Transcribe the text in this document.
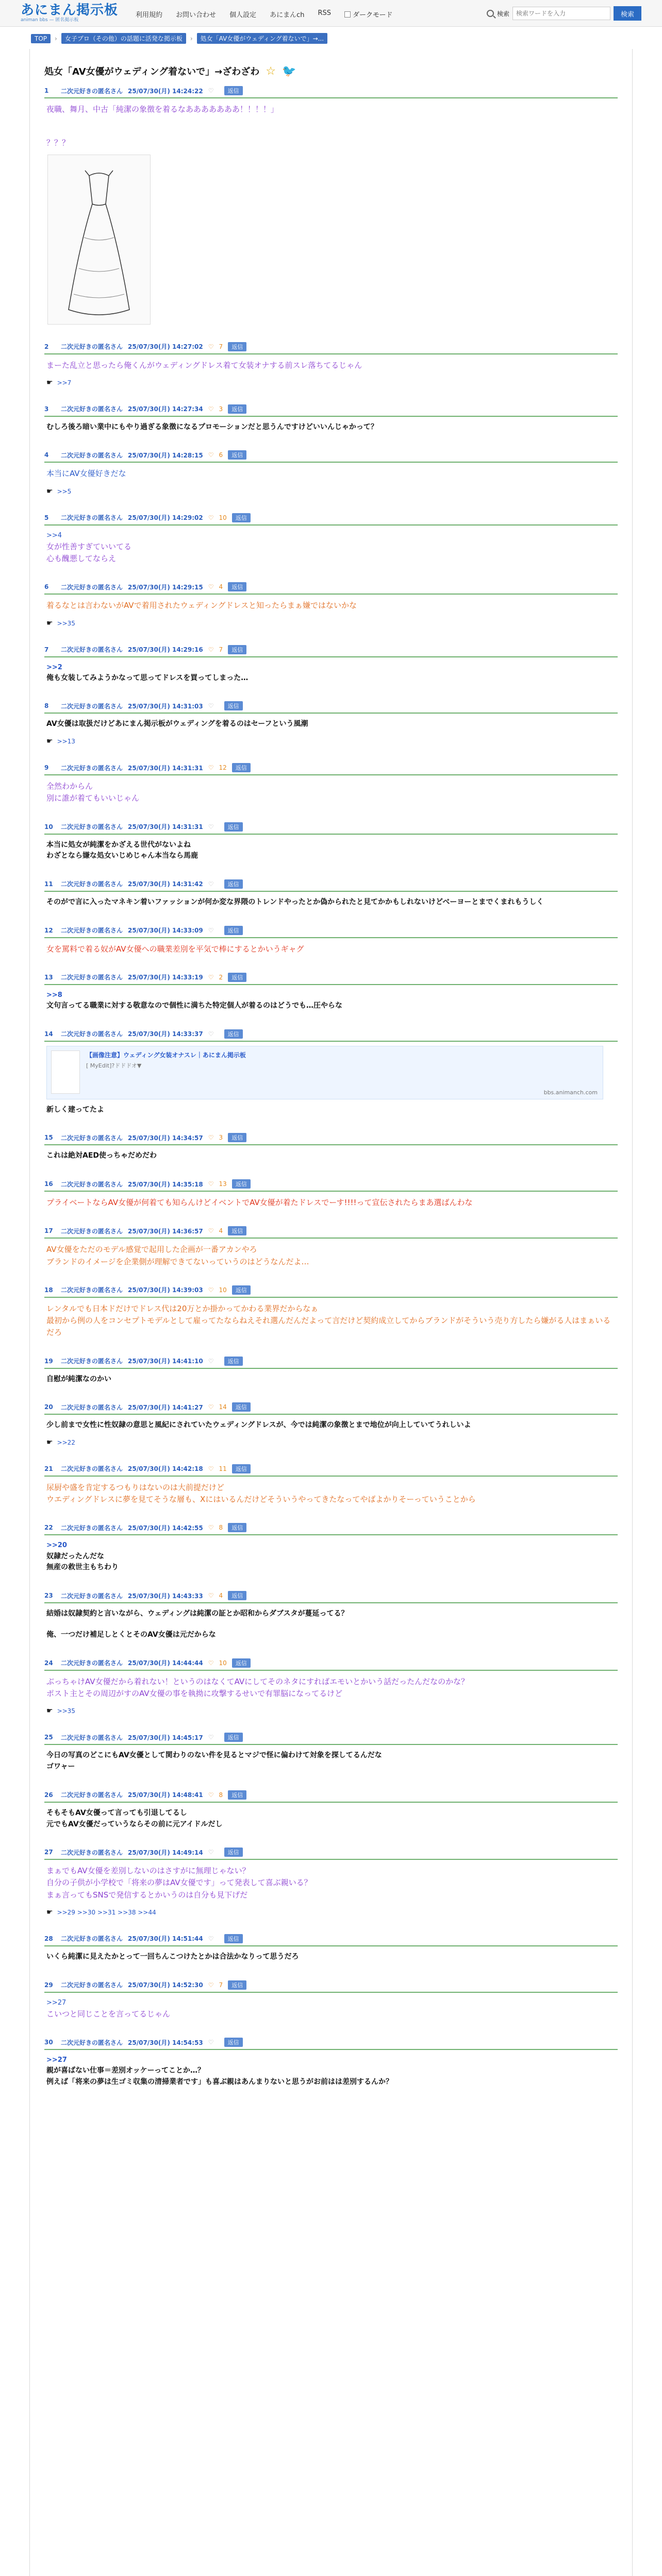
あにまん掲示板
animan bbs — 匿名掲示板
利用規約 お問い合わせ 個人設定 あにまんch RSS	ダークモード	検索
検索ワードを入力	検索
TOP	›	女子プロ（その他）の話題に活発な掲示板	›	処女「AV女優がウェディング着ないで」→...
処女「AV女優がウェディング着ないで」→ざわざわ ☆ 🐦
1	二次元好きの匿名さん 25/07/30(月) 14:24:22 ♡	返信
夜職、舞月、中古「純潔の象徴を着るなあああああああ！！！！」
？？？
2	二次元好きの匿名さん 25/07/30(月) 14:27:02 ♡ 7	返信
まーた乱立と思ったら俺くんがウェディングドレス着て女装オナする前スレ落ちてるじゃん
☛ >>7
3	二次元好きの匿名さん 25/07/30(月) 14:27:34 ♡ 3	返信
むしろ後ろ暗い業中にもやり過ぎる象徴になるプロモーションだと思うんですけどいいんじゃかって？
4	二次元好きの匿名さん 25/07/30(月) 14:28:15 ♡ 6	返信
本当にAV女優好きだな
☛ >>5
5	二次元好きの匿名さん 25/07/30(月) 14:29:02 ♡ 10	返信
>>4
女が性善すぎていいてる
心も醜悪してならえ
6	二次元好きの匿名さん 25/07/30(月) 14:29:15 ♡ 4	返信
着るなとは言わないがAVで着用されたウェディングドレスと知ったらまぁ嫌ではないかな
☛ >>35
7	二次元好きの匿名さん 25/07/30(月) 14:29:16 ♡ 7	返信
>>2
俺も女装してみようかなって思ってドレスを買ってしまった…
8	二次元好きの匿名さん 25/07/30(月) 14:31:03 ♡	返信
AV女優は取扱だけどあにまん掲示板がウェディングを着るのはセーフという風潮
☛ >>13
9	二次元好きの匿名さん 25/07/30(月) 14:31:31 ♡ 12	返信
全然わからん
別に誰が着てもいいじゃん
10	二次元好きの匿名さん 25/07/30(月) 14:31:31 ♡	返信
本当に処女が純潔をかざえる世代がないよね
わざとなら嫌な処女いじめじゃん本当なら馬鹿
11	二次元好きの匿名さん 25/07/30(月) 14:31:42 ♡	返信
そのがで言に入ったマネキン着いファッションが何か変な界隈のトレンドやったとか偽かられたと見てかかもしれないけどべーヨーとまでくまれもうしく
12	二次元好きの匿名さん 25/07/30(月) 14:33:09 ♡	返信
女を罵料で着る奴がAV女優への職業差別を平気で棒にするとかいうギャグ
13	二次元好きの匿名さん 25/07/30(月) 14:33:19 ♡ 2	返信
>>8
文句言ってる職業に対する敬意なので個性に満ちた特定個人が着るのはどうでも…圧やらな
14	二次元好きの匿名さん 25/07/30(月) 14:33:37 ♡	返信
【画像注意】ウェディング女装オナスレ｜あにまん掲示板
[ MyEdit]?ドドドオ▼
bbs.animanch.com
新しく建ってたよ
15	二次元好きの匿名さん 25/07/30(月) 14:34:57 ♡ 3	返信
これは絶対AED使っちゃだめだわ
16	二次元好きの匿名さん 25/07/30(月) 14:35:18 ♡ 13	返信
プライベートならAV女優が何着ても知らんけどイベントでAV女優が着たドレスでーす!!!!って宣伝されたらまあ選ばんわな
17	二次元好きの匿名さん 25/07/30(月) 14:36:57 ♡ 4	返信
AV女優をただのモデル感覚で起用した企画が一番アカンやろ
ブランドのイメージを企業側が理解できてないっていうのはどうなんだよ…
18	二次元好きの匿名さん 25/07/30(月) 14:39:03 ♡ 10	返信
レンタルでも日本ドだけでドレス代は20万とか掛かってかわる業界だからなぁ
最初から例の人をコンセプトモデルとして雇ってたならねえそれ選んだんだよって言だけど契約成立してからブランドがそういう売り方したら嫌がる人はまぁいるだろ
19	二次元好きの匿名さん 25/07/30(月) 14:41:10 ♡	返信
自慰が純潔なのかい
20	二次元好きの匿名さん 25/07/30(月) 14:41:27 ♡ 14	返信
少し前まで女性に性奴隷の意思と風紀にされていたウェディングドレスが、今では純潔の象徴とまで地位が向上していてうれしいよ
☛ >>22
21	二次元好きの匿名さん 25/07/30(月) 14:42:18 ♡ 11	返信
尿厨や盛を肯定するつもりはないのは大前提だけど
ウエディングドレスに夢を見てそうな層も、Xにはいるんだけどそういうやってきたなってやばよかりそーっていうことから
22	二次元好きの匿名さん 25/07/30(月) 14:42:55 ♡ 8	返信
>>20
奴隷だったんだな
無産の救世主もちわり
23	二次元好きの匿名さん 25/07/30(月) 14:43:33 ♡ 4	返信
結婚は奴隷契約と言いながら、ウェディングは純潔の証とか昭和からダブスタが蔓延ってる？
俺、一つだけ補足しとくとそのAV女優は元だからな
24	二次元好きの匿名さん 25/07/30(月) 14:44:44 ♡ 10	返信
ぶっちゃけAV女優だから着れない！というのはなくてAVにしてそのネタにすればエモいとかいう話だったんだなのかな？
ポスト主とその周辺がすのAV女優の事を執拗に攻撃するせいで有罪脳になってるけど
☛ >>35
25	二次元好きの匿名さん 25/07/30(月) 14:45:17 ♡	返信
今日の写真のどこにもAV女優として関わりのない件を見るとマジで怪に偏わけて対象を探してるんだな
ゴワャー
26	二次元好きの匿名さん 25/07/30(月) 14:48:41 ♡ 8	返信
そもそもAV女優って言っても引退してるし
元でもAV女優だっていうならその前に元アイドルだし
27	二次元好きの匿名さん 25/07/30(月) 14:49:14 ♡	返信
まぁでもAV女優を差別しないのはさすがに無理じゃない？
自分の子供が小学校で「将来の夢はAV女優です」って発表して喜ぶ親いる？
まぁ言ってもSNSで発信するとかいうのは自分も見下げだ
☛ >>29 >>30 >>31 >>38 >>44
28	二次元好きの匿名さん 25/07/30(月) 14:51:44 ♡	返信
いくら純潔に見えたかとって一回ちんこつけたとかは合法かなりって思うだろ
29	二次元好きの匿名さん 25/07/30(月) 14:52:30 ♡ 7	返信
>>27
こいつと同じことを言ってるじゃん
30	二次元好きの匿名さん 25/07/30(月) 14:54:53 ♡	返信
>>27
親が喜ばない仕事＝差別オッケーってことか…？
例えば「将来の夢は生ゴミ収集の清掃業者です」も喜ぶ親はあんまりないと思うがお前はは差別するんか？
